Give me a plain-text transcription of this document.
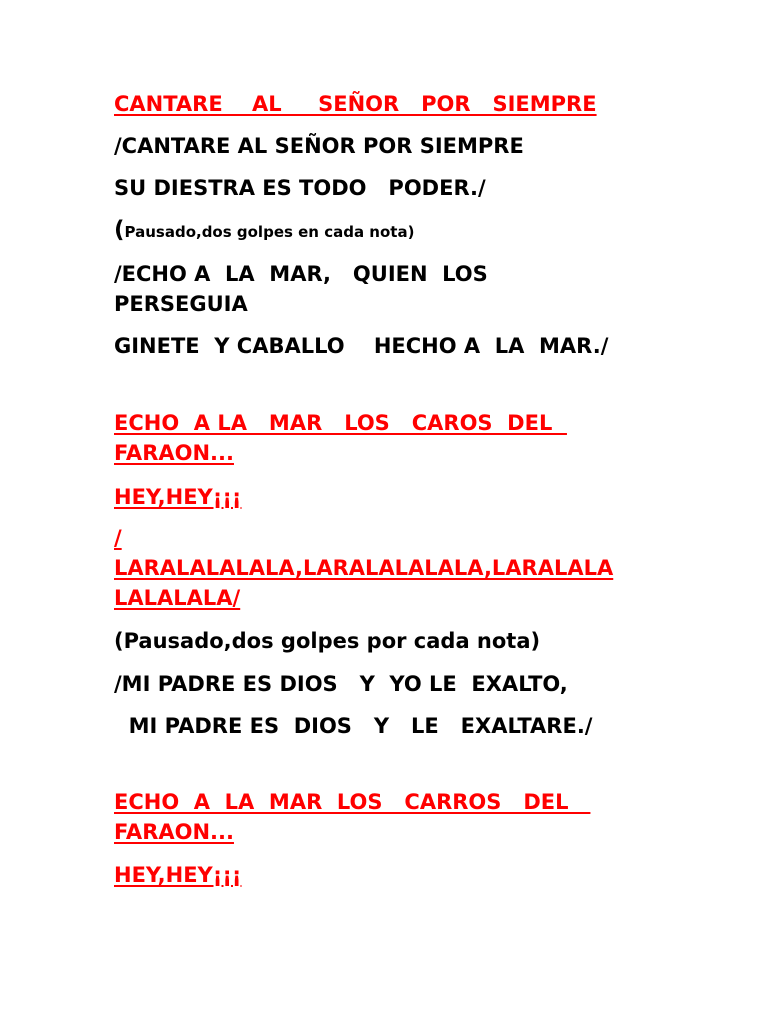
CANTARE    AL     SEÑOR   POR   SIEMPRE

/CANTARE AL SEÑOR POR SIEMPRE

SU DIESTRA ES TODO   PODER./

(Pausado,dos golpes en cada nota)

/ECHO A  LA  MAR,   QUIEN  LOS

PERSEGUIA

GINETE  Y CABALLO    HECHO A  LA  MAR./

ECHO  A LA   MAR   LOS   CAROS  DEL

FARAON...

HEY,HEY¡¡¡

/

LARALALALALA,LARALALALALA,LARALALA

LALALALA/

(Pausado,dos golpes por cada nota)

/MI PADRE ES DIOS   Y  YO LE  EXALTO,

MI PADRE ES  DIOS   Y   LE   EXALTARE./

ECHO  A  LA  MAR  LOS   CARROS   DEL

FARAON...

HEY,HEY¡¡¡
